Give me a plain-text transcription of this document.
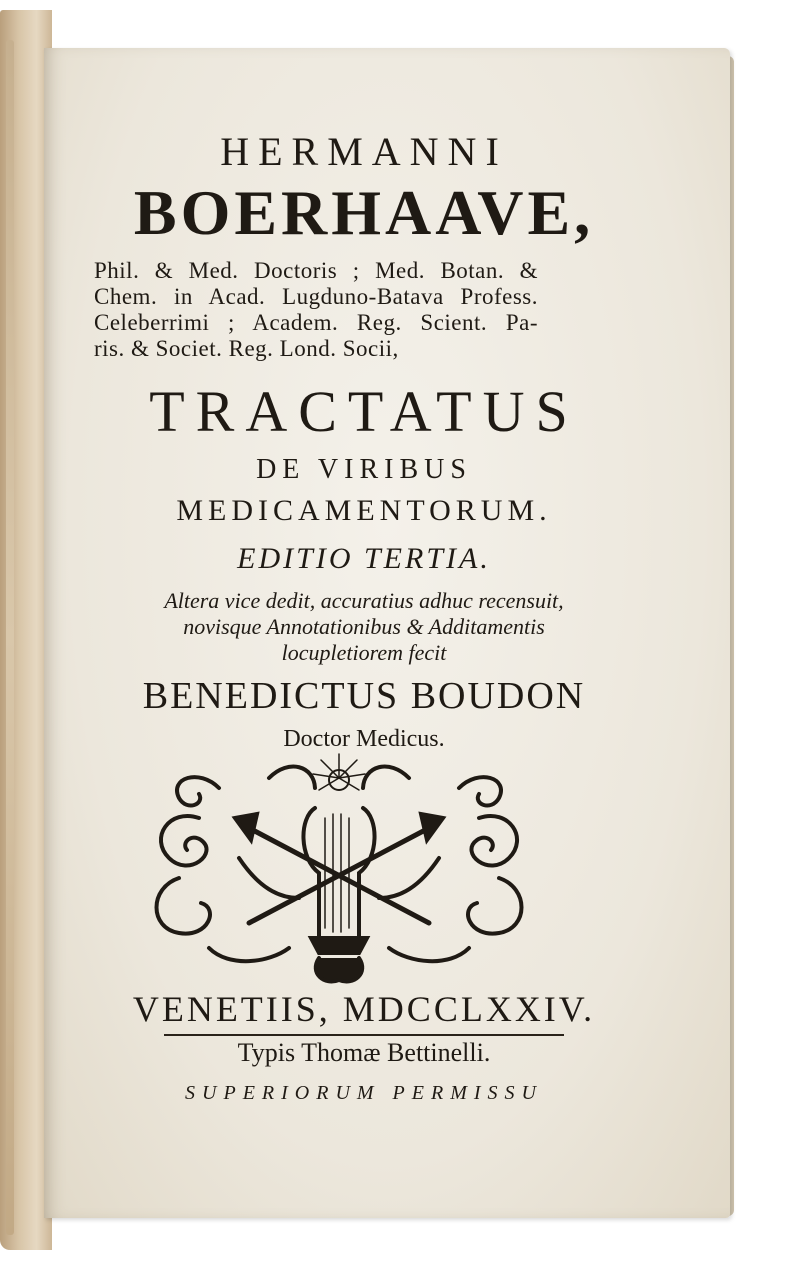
HERMANNI
BOERHAAVE,
Phil. & Med. Doctoris ; Med. Botan. &
Chem. in Acad. Lugduno-Batava Profess.
Celeberrimi ; Academ. Reg. Scient. Pa-
ris. & Societ. Reg. Lond. Socii,
TRACTATUS
DE VIRIBUS
MEDICAMENTORUM.
EDITIO TERTIA.
Altera vice dedit, accuratius adhuc recensuit,
novisque Annotationibus & Additamentis
locupletiorem fecit
BENEDICTUS BOUDON
Doctor Medicus.
VENETIIS, MDCCLXXIV.
Typis Thomæ Bettinelli.
SUPERIORUM PERMISSU
